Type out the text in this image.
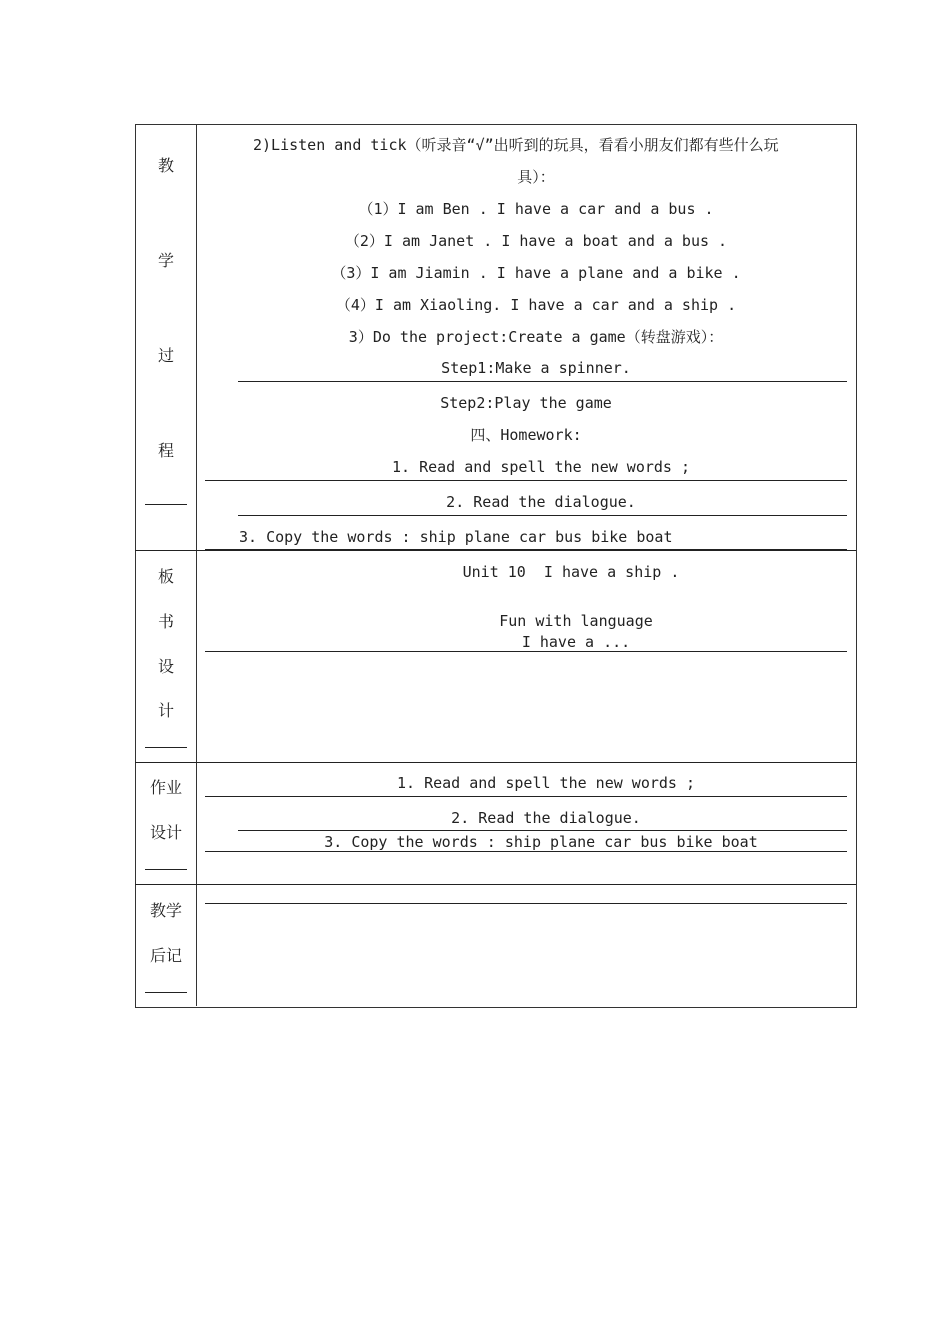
教
学
过
程
2)Listen and tick（听录音“√”出听到的玩具，看看小朋友们都有些什么玩
具）：
（1）I am Ben . I have a car and a bus .
（2）I am Janet . I have a boat and a bus .
（3）I am Jiamin . I have a plane and a bike .
（4）I am Xiaoling. I have a car and a ship .
3）Do the project:Create a game（转盘游戏）：
Step1:Make a spinner.
Step2:Play the game
四、Homework:
1. Read and spell the new words ;
2. Read the dialogue.
3. Copy the words : ship plane car bus bike boat
板
书
设
计
Unit 10  I have a ship .
Fun with language
I have a ...
作业
设计
1. Read and spell the new words ;
2. Read the dialogue.
3. Copy the words : ship plane car bus bike boat
教学
后记
